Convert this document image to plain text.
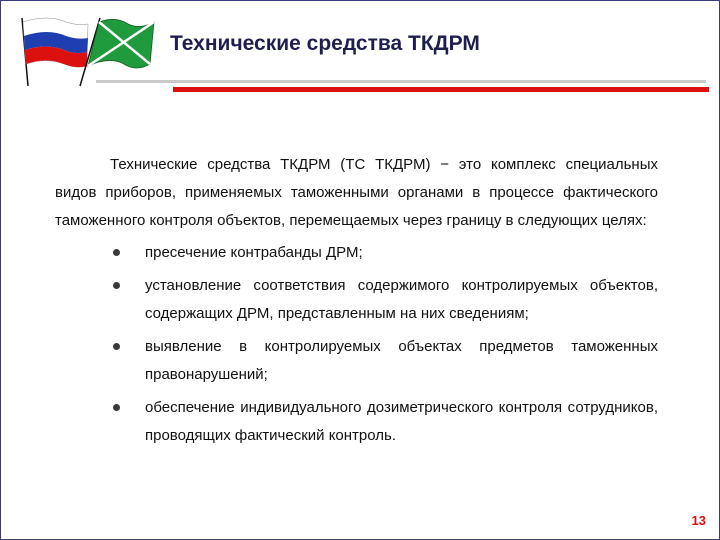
Технические средства ТКДРМ

Технические средства ТКДРМ (ТС ТКДРМ) − это комплекс специальных видов приборов, применяемых таможенными органами в процессе фактического таможенного контроля объектов, перемещаемых через границу в следующих целях:

пресечение контрабанды ДРМ;
установление соответствия содержимого контролируемых объектов, содержащих ДРМ, представленным на них сведениям;
выявление в контролируемых объектах предметов таможенных правонарушений;
обеспечение индивидуального дозиметрического контроля сотрудников, проводящих фактический контроль.
13
